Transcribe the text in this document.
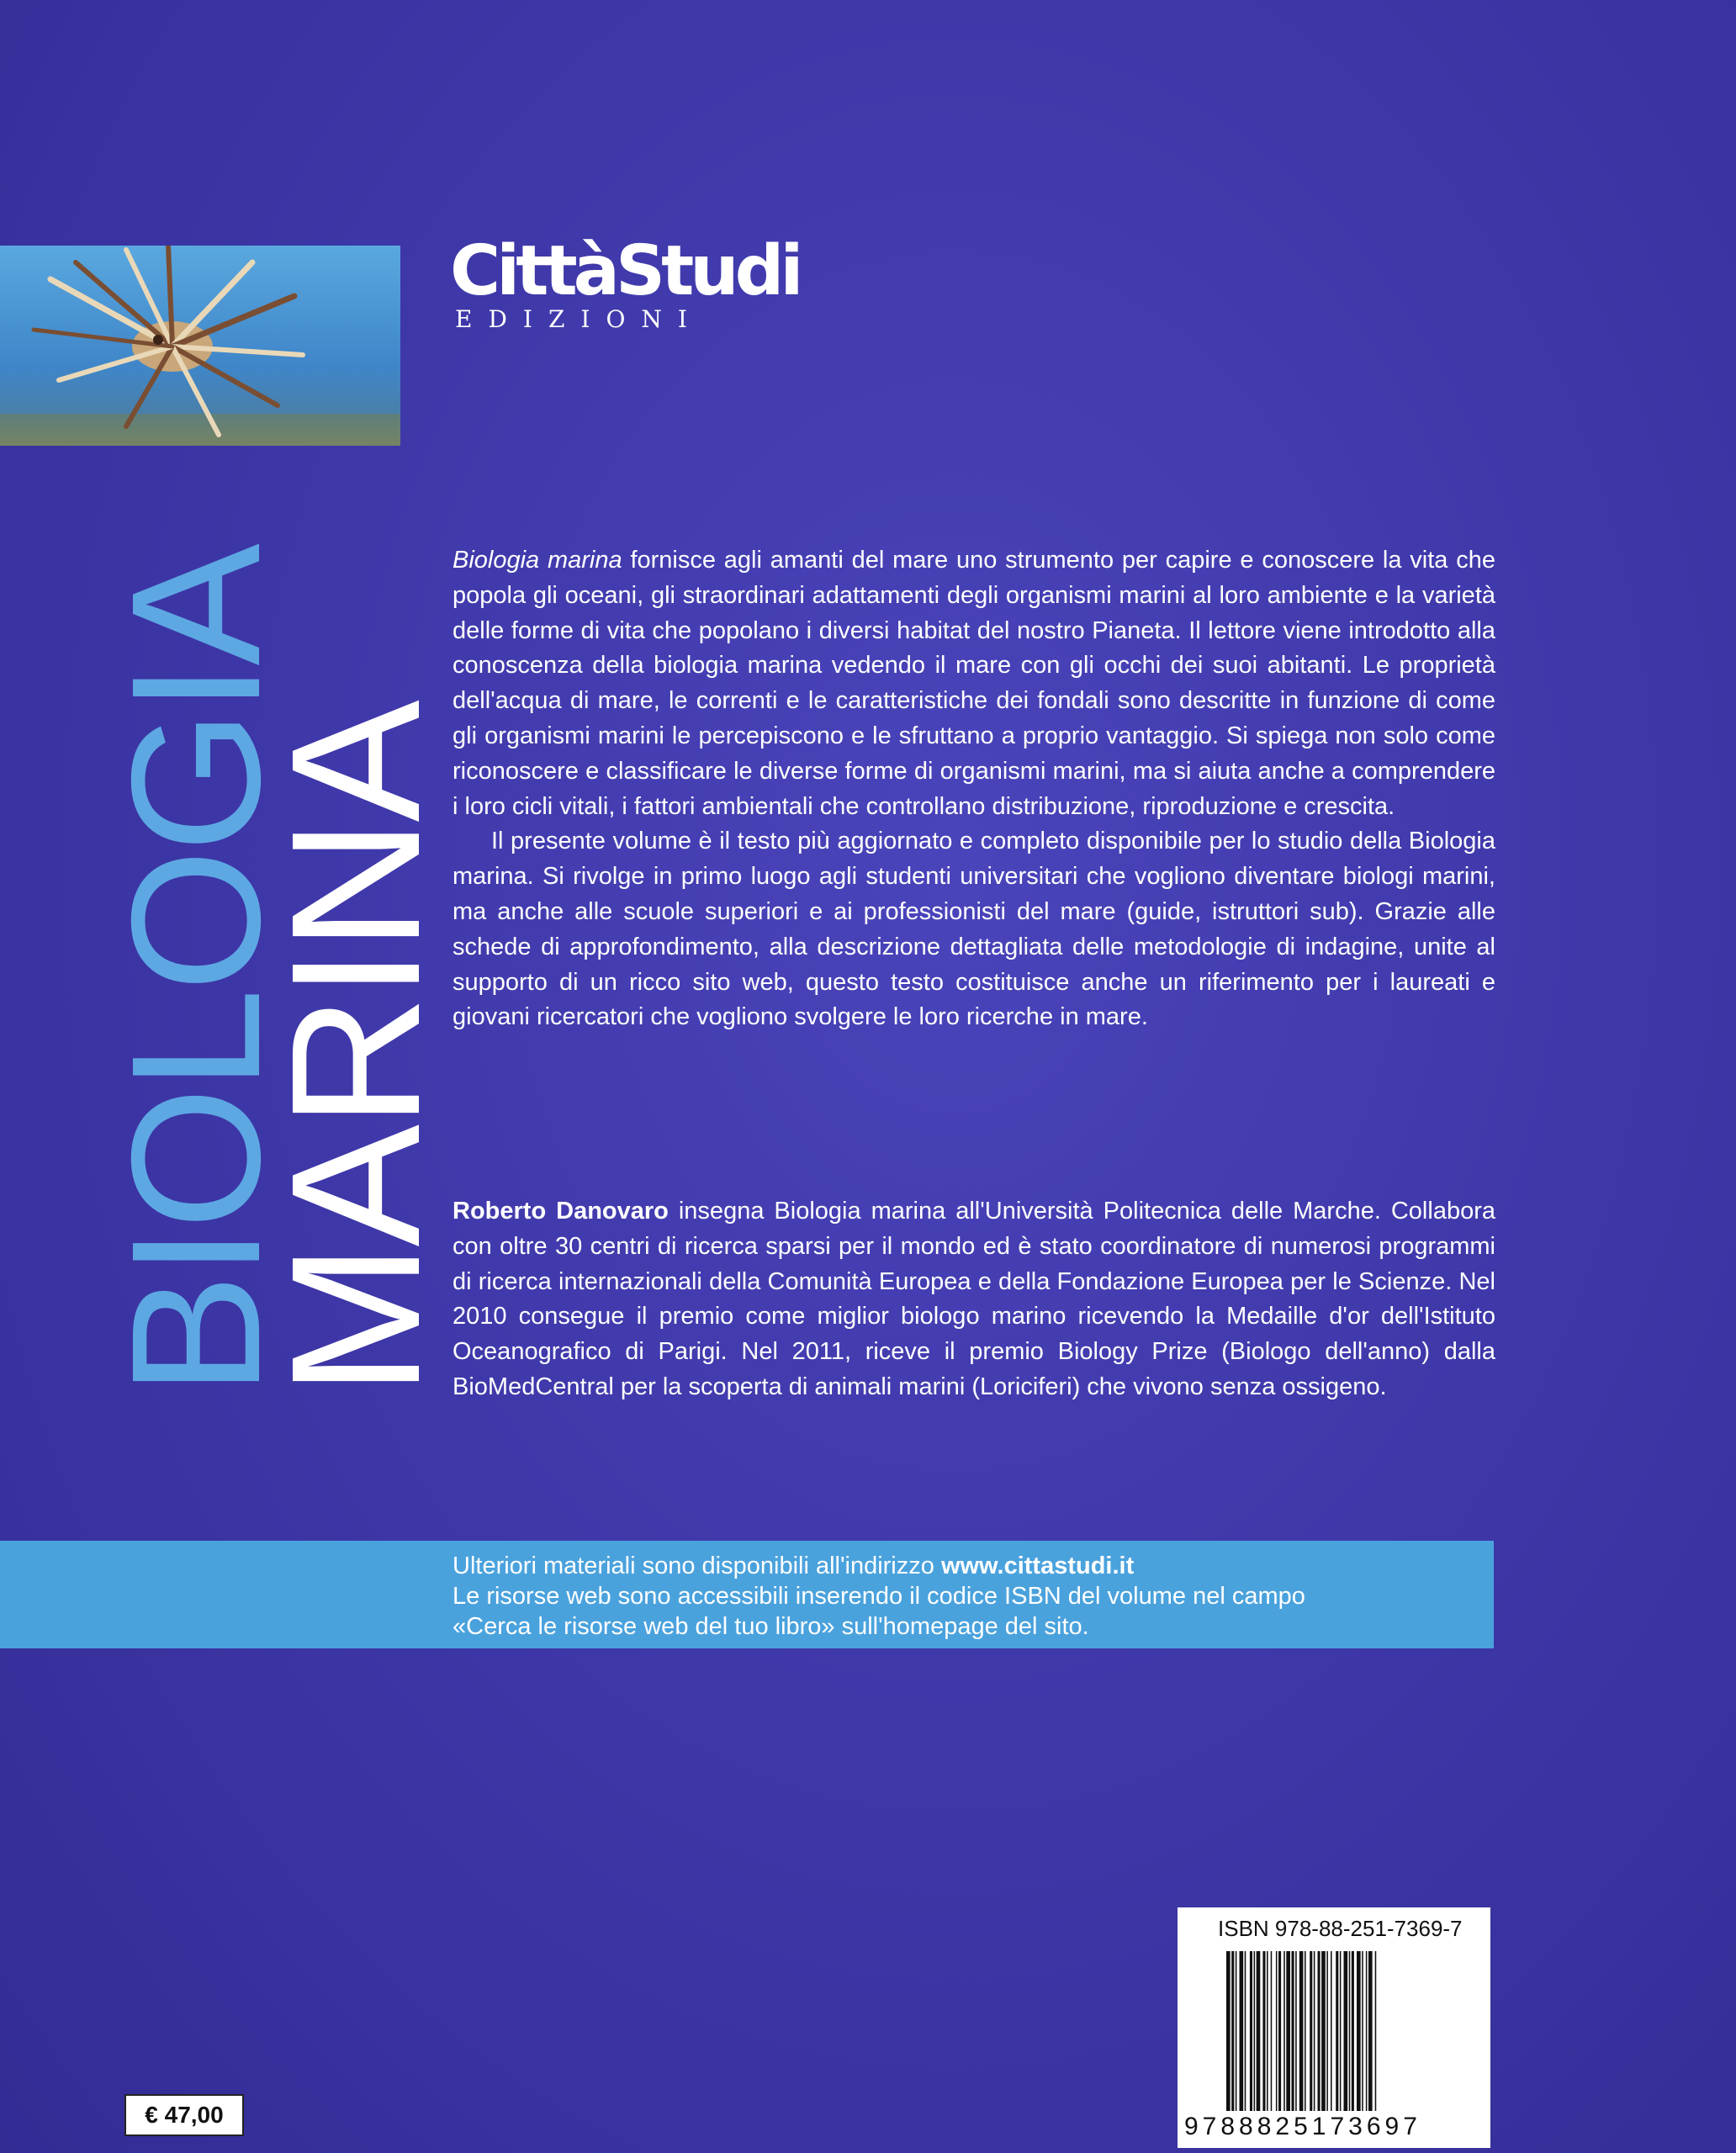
CittàStudi
EDIZIONI
BIOLOGIA
MARINA

Biologia marina fornisce agli amanti del mare uno strumento per capire e conoscere la vita che popola gli oceani, gli straordinari adattamenti degli organismi marini al loro ambiente e la varietà delle forme di vita che popolano i diversi habitat del nostro Pianeta. Il lettore viene introdotto alla conoscenza della biologia marina vedendo il mare con gli occhi dei suoi abitanti. Le proprietà dell'acqua di mare, le correnti e le caratteristiche dei fondali sono descritte in funzione di come gli organismi marini le percepiscono e le sfruttano a proprio vantaggio. Si spiega non solo come riconoscere e classificare le diverse forme di organismi marini, ma si aiuta anche a comprendere i loro cicli vitali, i fattori ambientali che controllano distribuzione, riproduzione e crescita.

Il presente volume è il testo più aggiornato e completo disponibile per lo studio della Biologia marina. Si rivolge in primo luogo agli studenti universitari che vogliono diventare biologi marini, ma anche alle scuole superiori e ai professionisti del mare (guide, istruttori sub). Grazie alle schede di approfondimento, alla descrizione dettagliata delle metodologie di indagine, unite al supporto di un ricco sito web, questo testo costituisce anche un riferimento per i laureati e giovani ricercatori che vogliono svolgere le loro ricerche in mare.

Roberto Danovaro insegna Biologia marina all'Università Politecnica delle Marche. Collabora con oltre 30 centri di ricerca sparsi per il mondo ed è stato coordinatore di numerosi programmi di ricerca internazionali della Comunità Europea e della Fondazione Europea per le Scienze. Nel 2010 consegue il premio come miglior biologo marino ricevendo la Medaille d'or dell'Istituto Oceanografico di Parigi. Nel 2011, riceve il premio Biology Prize (Biologo dell'anno) dalla BioMedCentral per la scoperta di animali marini (Loriciferi) che vivono senza ossigeno.

Ulteriori materiali sono disponibili all'indirizzo www.cittastudi.it
Le risorse web sono accessibili inserendo il codice ISBN del volume nel campo
«Cerca le risorse web del tuo libro» sull'homepage del sito.
ISBN 978-88-251-7369-7
9788825173697
€ 47,00
